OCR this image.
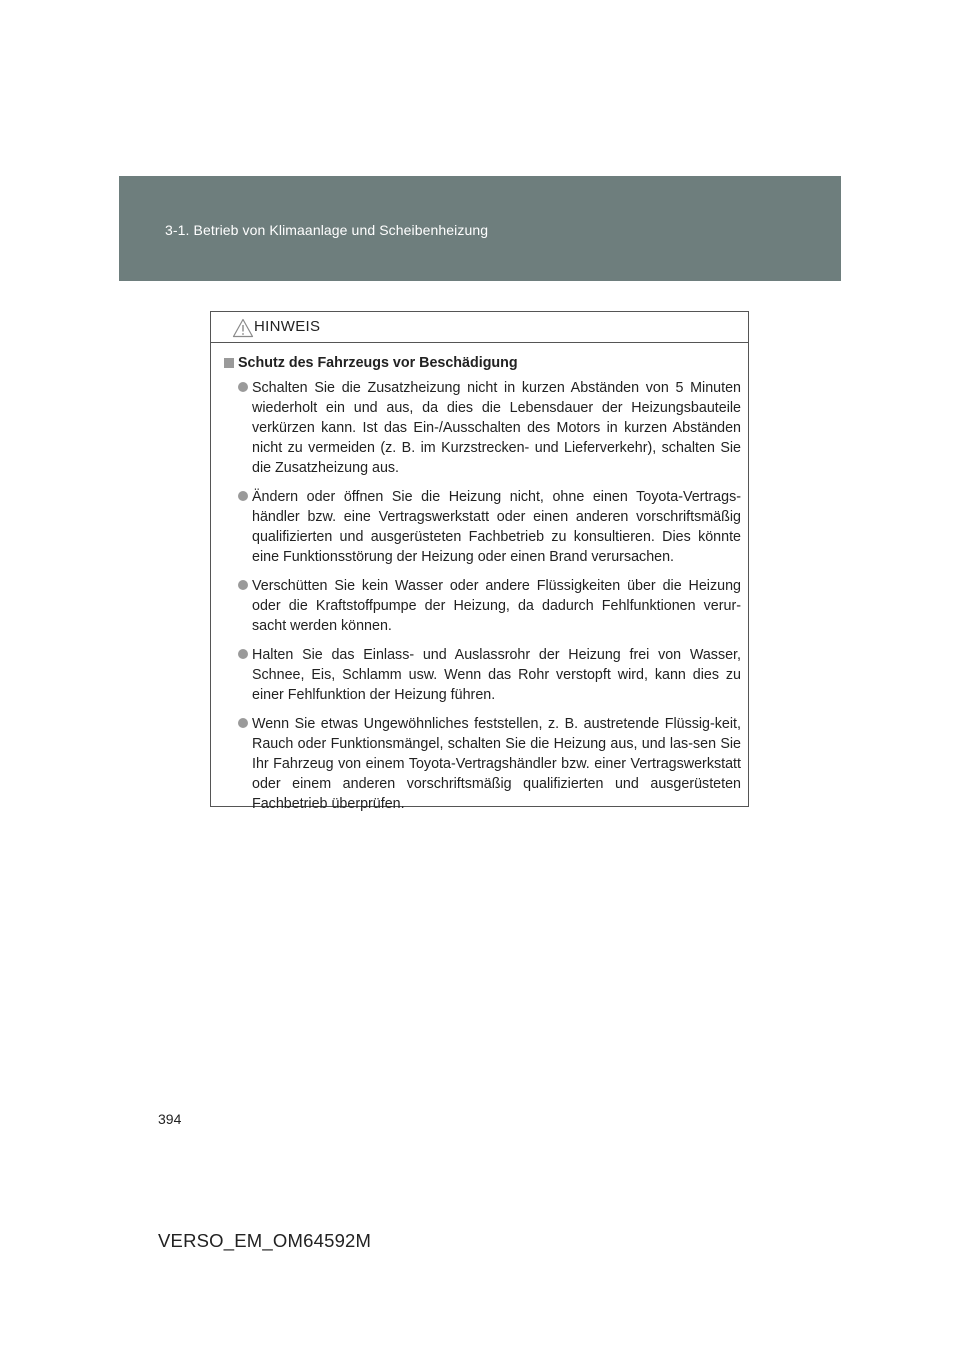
3-1. Betrieb von Klimaanlage und Scheibenheizung
HINWEIS
Schutz des Fahrzeugs vor Beschädigung

Schalten Sie die Zusatzheizung nicht in kurzen Abständen von 5 Minuten wiederholt ein und aus, da dies die Lebensdauer der Heizungsbauteile verkürzen kann. Ist das Ein-/Ausschalten des Motors in kurzen Abständen nicht zu vermeiden (z. B. im Kurzstrecken- und Lieferverkehr), schalten Sie die Zusatzheizung aus.

Ändern oder öffnen Sie die Heizung nicht, ohne einen Toyota-Vertrags-händler bzw. eine Vertragswerkstatt oder einen anderen vorschriftsmäßig qualifizierten und ausgerüsteten Fachbetrieb zu konsultieren. Dies könnte eine Funktionsstörung der Heizung oder einen Brand verursachen.

Verschütten Sie kein Wasser oder andere Flüssigkeiten über die Heizung oder die Kraftstoffpumpe der Heizung, da dadurch Fehlfunktionen verur-sacht werden können.

Halten Sie das Einlass- und Auslassrohr der Heizung frei von Wasser, Schnee, Eis, Schlamm usw. Wenn das Rohr verstopft wird, kann dies zu einer Fehlfunktion der Heizung führen.

Wenn Sie etwas Ungewöhnliches feststellen, z. B. austretende Flüssig-keit, Rauch oder Funktionsmängel, schalten Sie die Heizung aus, und las-sen Sie Ihr Fahrzeug von einem Toyota-Vertragshändler bzw. einer Vertragswerkstatt oder einem anderen vorschriftsmäßig qualifizierten und ausgerüsteten Fachbetrieb überprüfen.

394
VERSO_EM_OM64592M
